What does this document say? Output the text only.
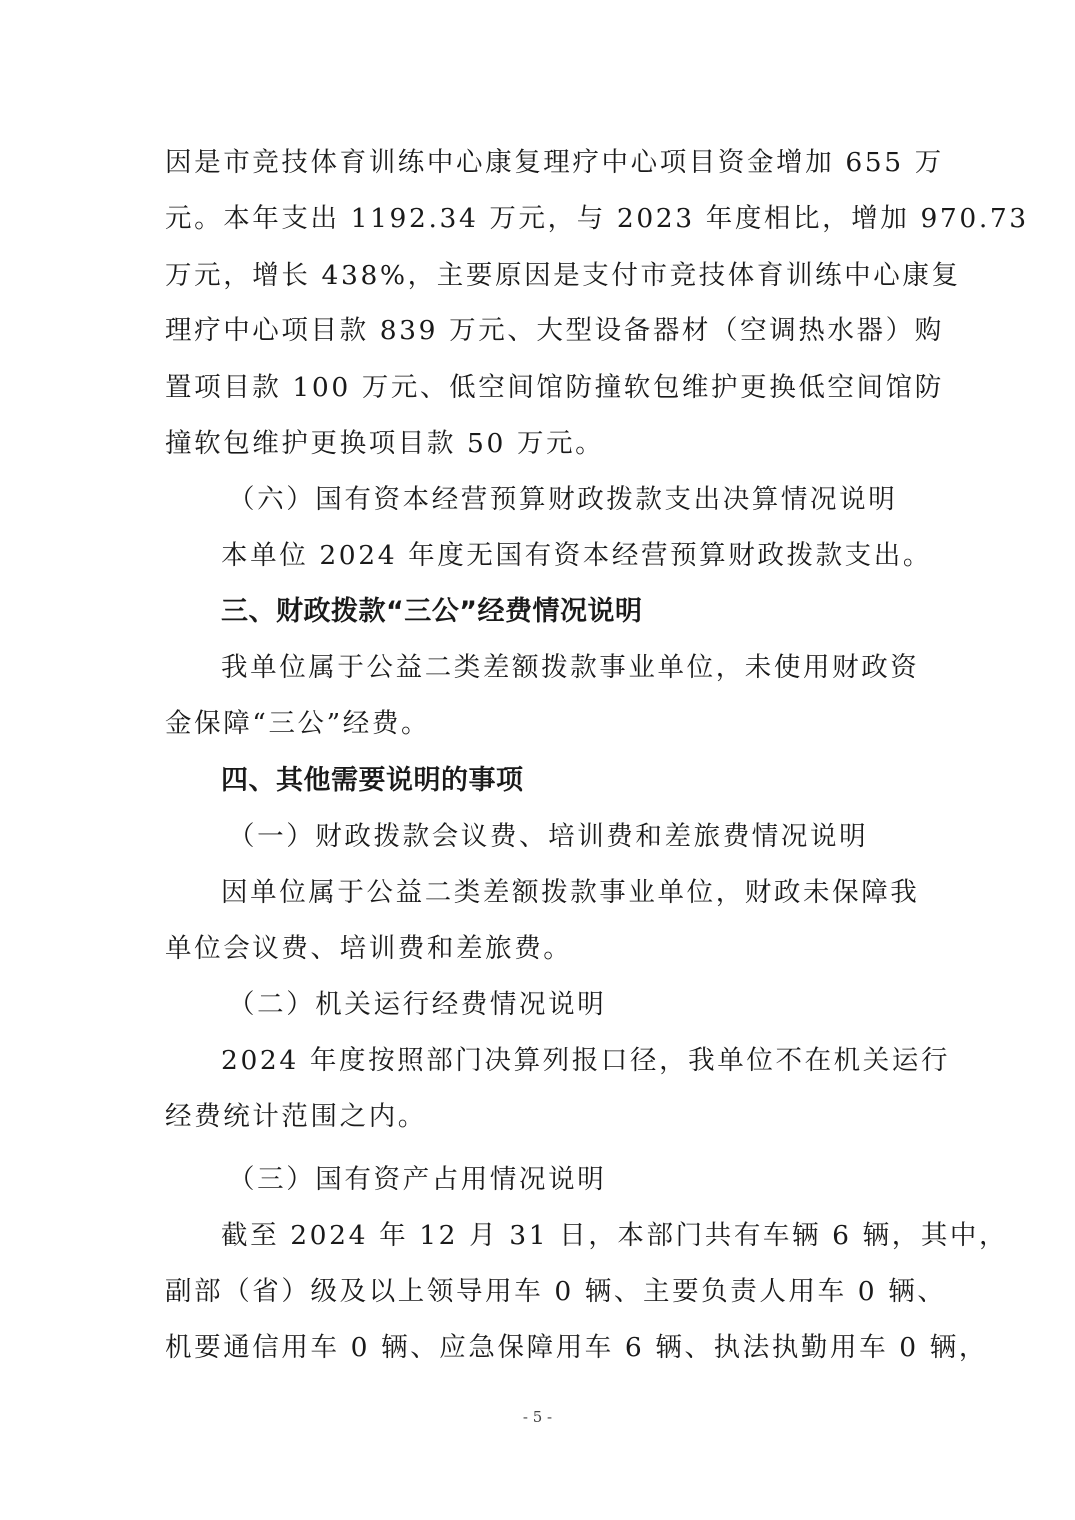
因是市竞技体育训练中心康复理疗中心项目资金增加 655 万
元。本年支出 1192.34 万元，与 2023 年度相比，增加 970.73
万元，增长 438%，主要原因是支付市竞技体育训练中心康复
理疗中心项目款 839 万元、大型设备器材（空调热水器）购
置项目款 100 万元、低空间馆防撞软包维护更换低空间馆防
撞软包维护更换项目款 50 万元。
（六）国有资本经营预算财政拨款支出决算情况说明
本单位 2024 年度无国有资本经营预算财政拨款支出。
三、财政拨款“三公”经费情况说明
我单位属于公益二类差额拨款事业单位，未使用财政资
金保障“三公”经费。
四、其他需要说明的事项
（一）财政拨款会议费、培训费和差旅费情况说明
因单位属于公益二类差额拨款事业单位，财政未保障我
单位会议费、培训费和差旅费。
（二）机关运行经费情况说明
2024 年度按照部门决算列报口径，我单位不在机关运行
经费统计范围之内。
（三）国有资产占用情况说明
截至 2024 年 12 月 31 日，本部门共有车辆 6 辆，其中，
副部（省）级及以上领导用车 0 辆、主要负责人用车 0 辆、
机要通信用车 0 辆、应急保障用车 6 辆、执法执勤用车 0 辆，
- 5 -
